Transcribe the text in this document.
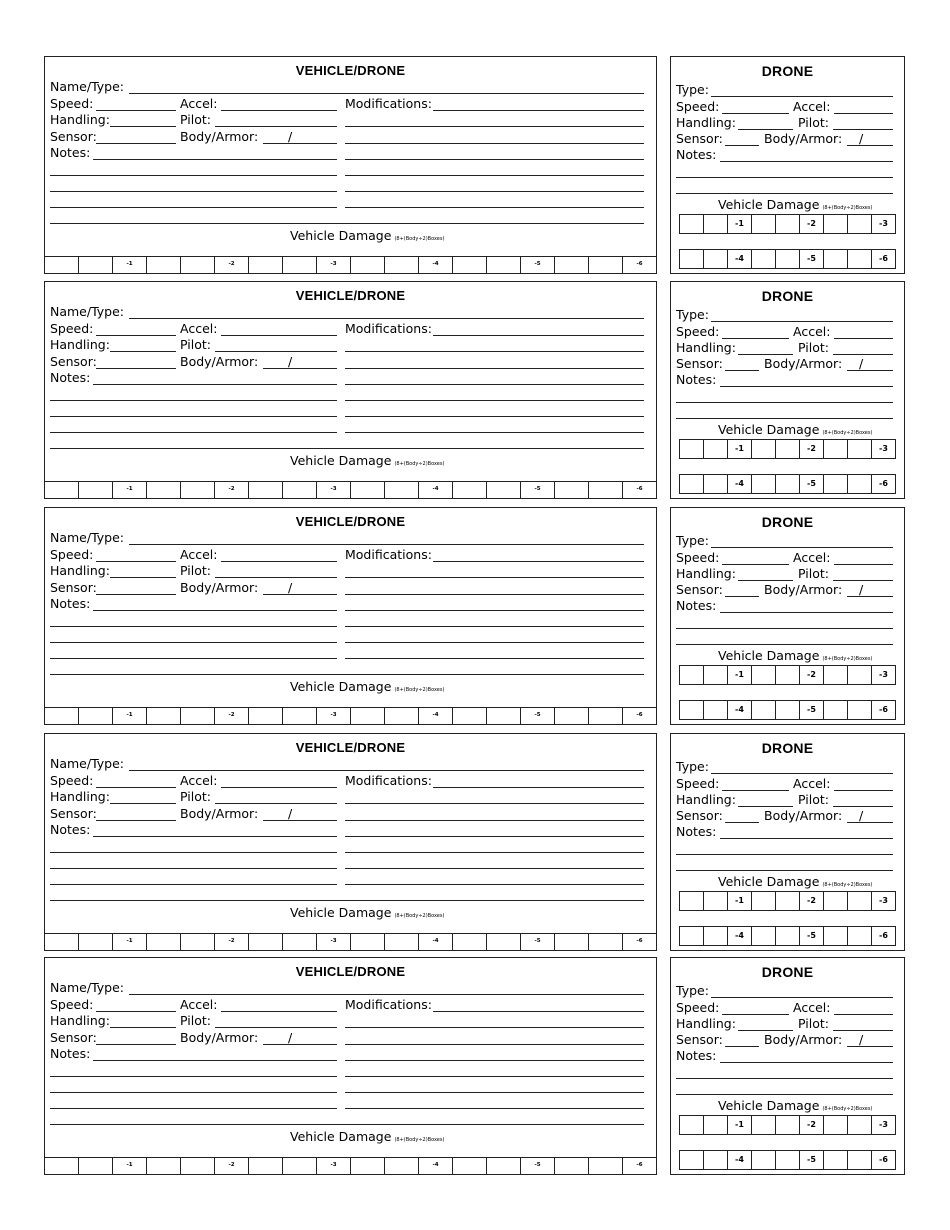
VEHICLE/DRONE
Name/Type:
Speed:	Accel:	Modifications:
Handling:	Pilot:
Sensor:	Body/Armor: /
Notes:
Vehicle Damage (8+(Body÷2)Boxes)
-1	-2	-3	-4	-5	-6
DRONE
Type:
Speed:	Accel:
Handling:	Pilot:
Sensor:	Body/Armor: /
Notes:
Vehicle Damage (8+(Body÷2)Boxes)
-1	-2	-3
-4	-5	-6
VEHICLE/DRONE
Name/Type:
Speed:	Accel:	Modifications:
Handling:	Pilot:
Sensor:	Body/Armor: /
Notes:
Vehicle Damage (8+(Body÷2)Boxes)
-1	-2	-3	-4	-5	-6
DRONE
Type:
Speed:	Accel:
Handling:	Pilot:
Sensor:	Body/Armor: /
Notes:
Vehicle Damage (8+(Body÷2)Boxes)
-1	-2	-3
-4	-5	-6
VEHICLE/DRONE
Name/Type:
Speed:	Accel:	Modifications:
Handling:	Pilot:
Sensor:	Body/Armor: /
Notes:
Vehicle Damage (8+(Body÷2)Boxes)
-1	-2	-3	-4	-5	-6
DRONE
Type:
Speed:	Accel:
Handling:	Pilot:
Sensor:	Body/Armor: /
Notes:
Vehicle Damage (8+(Body÷2)Boxes)
-1	-2	-3
-4	-5	-6
VEHICLE/DRONE
Name/Type:
Speed:	Accel:	Modifications:
Handling:	Pilot:
Sensor:	Body/Armor: /
Notes:
Vehicle Damage (8+(Body÷2)Boxes)
-1	-2	-3	-4	-5	-6
DRONE
Type:
Speed:	Accel:
Handling:	Pilot:
Sensor:	Body/Armor: /
Notes:
Vehicle Damage (8+(Body÷2)Boxes)
-1	-2	-3
-4	-5	-6
VEHICLE/DRONE
Name/Type:
Speed:	Accel:	Modifications:
Handling:	Pilot:
Sensor:	Body/Armor: /
Notes:
Vehicle Damage (8+(Body÷2)Boxes)
-1	-2	-3	-4	-5	-6
DRONE
Type:
Speed:	Accel:
Handling:	Pilot:
Sensor:	Body/Armor: /
Notes:
Vehicle Damage (8+(Body÷2)Boxes)
-1	-2	-3
-4	-5	-6
